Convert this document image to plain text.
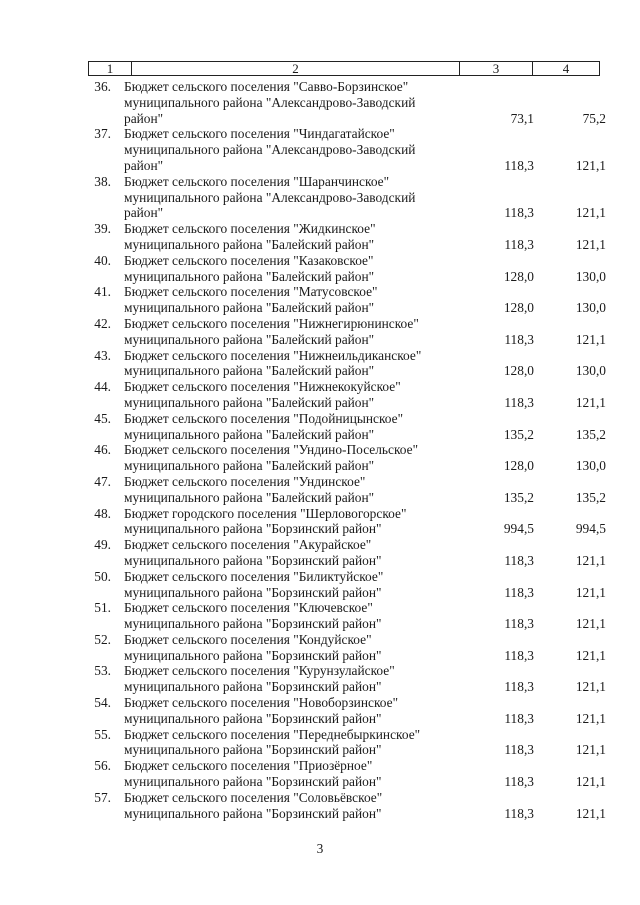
1	2	3	4
36. Бюджет сельского поселения "Савво-Борзинское"
муниципального района "Александрово-Заводский
район"	73,1	75,2
37. Бюджет сельского поселения "Чиндагатайское"
муниципального района "Александрово-Заводский
район"	118,3	121,1
38. Бюджет сельского поселения "Шаранчинское"
муниципального района "Александрово-Заводский
район"	118,3	121,1
39. Бюджет сельского поселения "Жидкинское"
муниципального района "Балейский район"	118,3	121,1
40. Бюджет сельского поселения "Казаковское"
муниципального района "Балейский район"	128,0	130,0
41. Бюджет сельского поселения "Матусовское"
муниципального района "Балейский район"	128,0	130,0
42. Бюджет сельского поселения "Нижнегирюнинское"
муниципального района "Балейский район"	118,3	121,1
43. Бюджет сельского поселения "Нижнеильдиканское"
муниципального района "Балейский район"	128,0	130,0
44. Бюджет сельского поселения "Нижнекокуйское"
муниципального района "Балейский район"	118,3	121,1
45. Бюджет сельского поселения "Подойницынское"
муниципального района "Балейский район"	135,2	135,2
46. Бюджет сельского поселения "Ундино-Посельское"
муниципального района "Балейский район"	128,0	130,0
47. Бюджет сельского поселения "Ундинское"
муниципального района "Балейский район"	135,2	135,2
48. Бюджет городского поселения "Шерловогорское"
муниципального района "Борзинский район"	994,5	994,5
49. Бюджет сельского поселения "Акурайское"
муниципального района "Борзинский район"	118,3	121,1
50. Бюджет сельского поселения "Биликтуйское"
муниципального района "Борзинский район"	118,3	121,1
51. Бюджет сельского поселения "Ключевское"
муниципального района "Борзинский район"	118,3	121,1
52. Бюджет сельского поселения "Кондуйское"
муниципального района "Борзинский район"	118,3	121,1
53. Бюджет сельского поселения "Курунзулайское"
муниципального района "Борзинский район"	118,3	121,1
54. Бюджет сельского поселения "Новоборзинское"
муниципального района "Борзинский район"	118,3	121,1
55. Бюджет сельского поселения "Переднебыркинское"
муниципального района "Борзинский район"	118,3	121,1
56. Бюджет сельского поселения "Приозёрное"
муниципального района "Борзинский район"	118,3	121,1
57. Бюджет сельского поселения "Соловьёвское"
муниципального района "Борзинский район"	118,3	121,1
3
